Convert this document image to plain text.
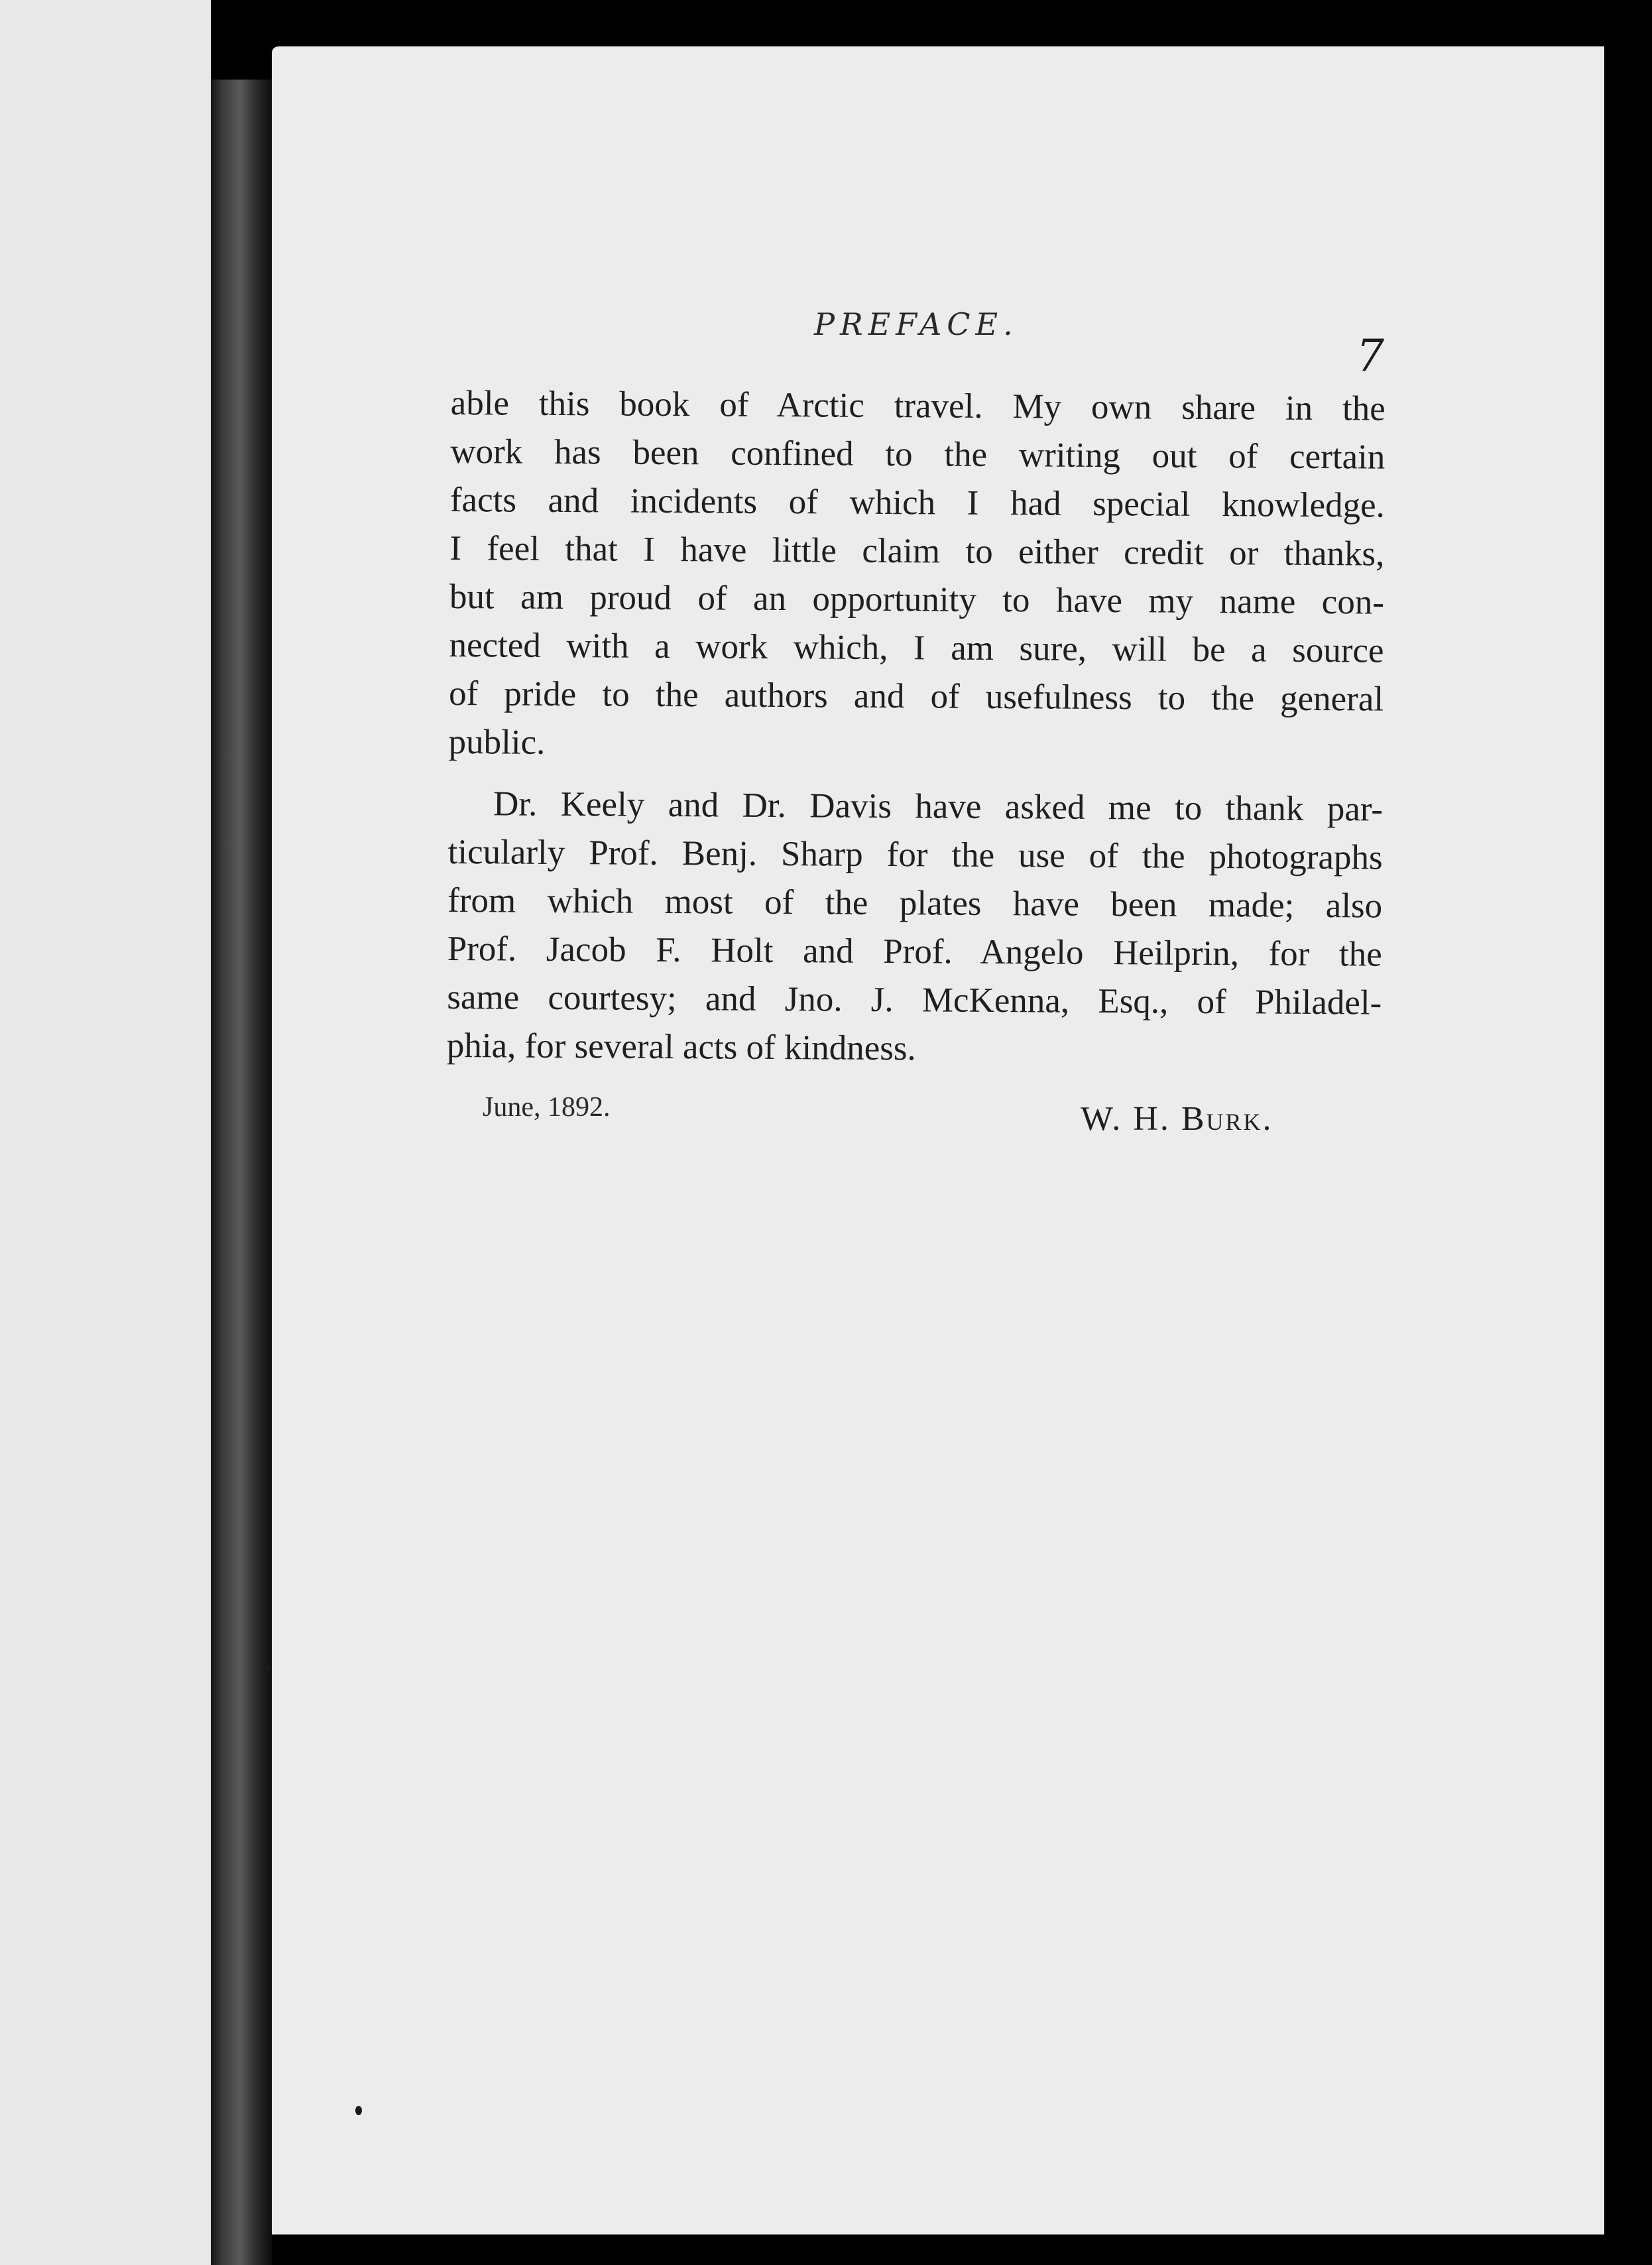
PREFACE.
7
able this book of Arctic travel. My own share in the
work has been confined to the writing out of certain
facts and incidents of which I had special knowledge.
I feel that I have little claim to either credit or thanks,
but am proud of an opportunity to have my name con-
nected with a work which, I am sure, will be a source
of pride to the authors and of usefulness to the general
public.
Dr. Keely and Dr. Davis have asked me to thank par-
ticularly Prof. Benj. Sharp for the use of the photographs
from which most of the plates have been made; also
Prof. Jacob F. Holt and Prof. Angelo Heilprin, for the
same courtesy; and Jno. J. McKenna, Esq., of Philadel-
phia, for several acts of kindness.
June, 1892.	W. H. Burk.
